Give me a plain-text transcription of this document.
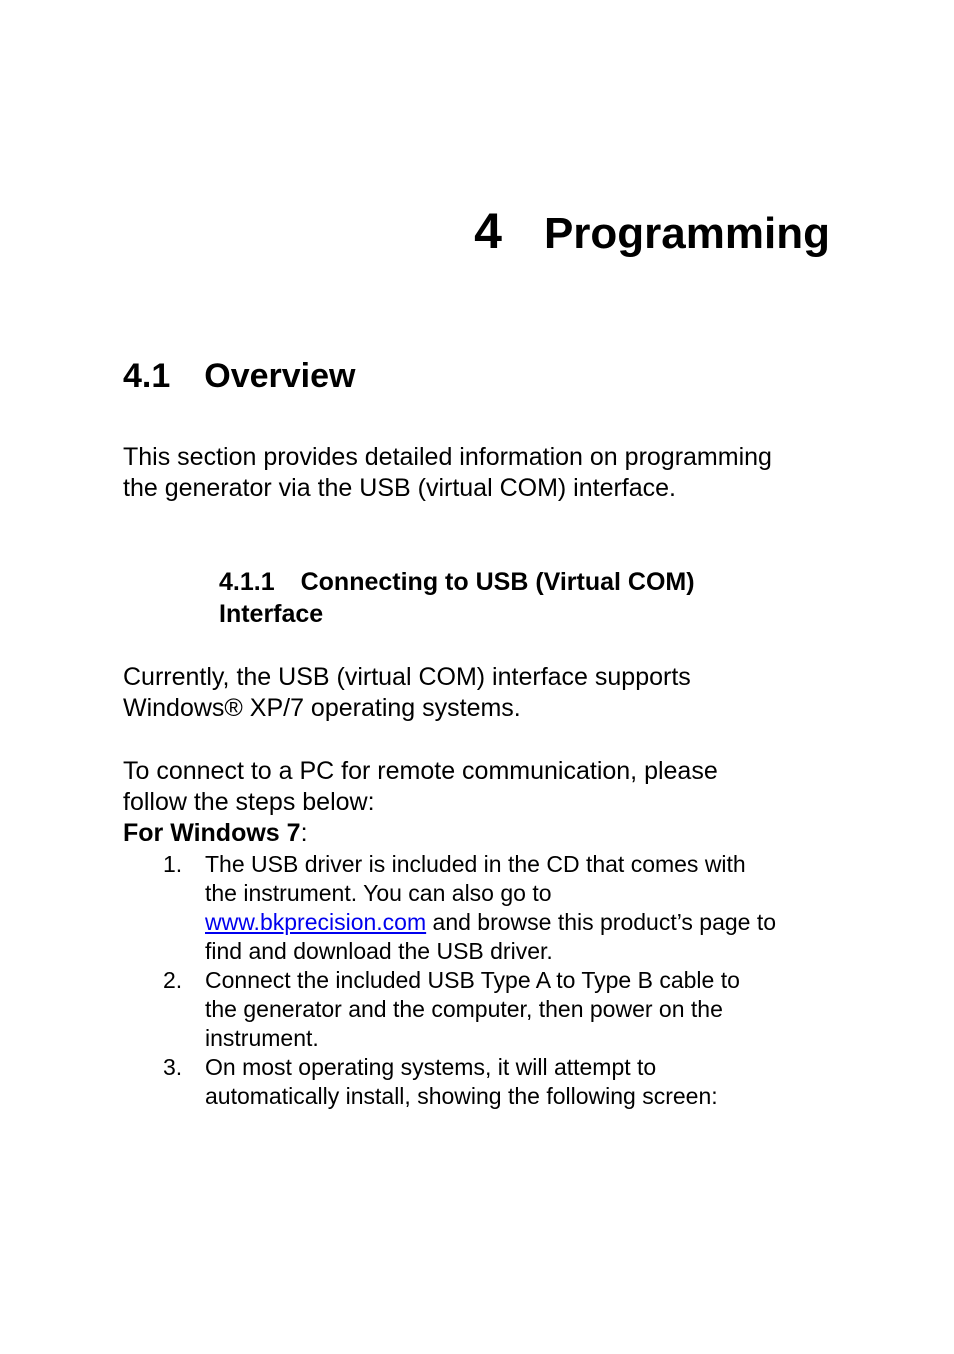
4 Programming
4.1 Overview
This section provides detailed information on programming
the generator via the USB (virtual COM) interface.
4.1.1 Connecting to USB (Virtual COM)
Interface
Currently, the USB (virtual COM) interface supports
Windows® XP/7 operating systems.
To connect to a PC for remote communication, please
follow the steps below:
For Windows 7:
1. The USB driver is included in the CD that comes with
the instrument. You can also go to
www.bkprecision.com and browse this product’s page to
find and download the USB driver.
2. Connect the included USB Type A to Type B cable to
the generator and the computer, then power on the
instrument.
3. On most operating systems, it will attempt to
automatically install, showing the following screen:
